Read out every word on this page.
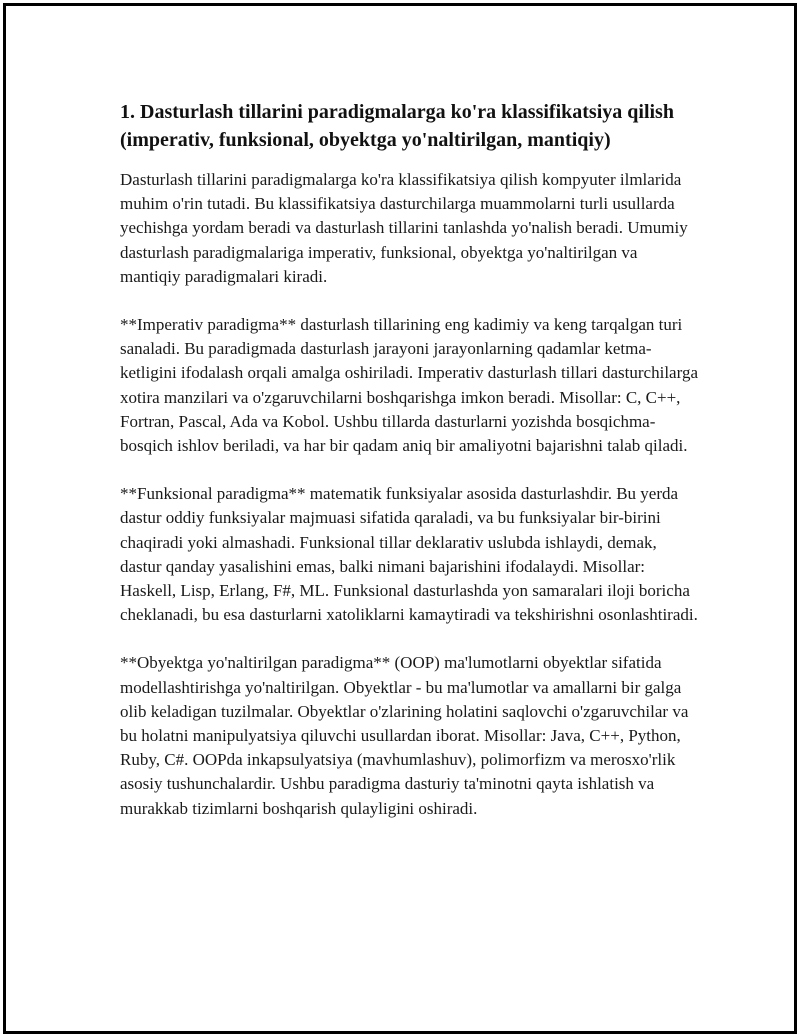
1. Dasturlash tillarini paradigmalarga ko'ra klassifikatsiya qilish (imperativ, funksional, obyektga yo'naltirilgan, mantiqiy)

Dasturlash tillarini paradigmalarga ko'ra klassifikatsiya qilish kompyuter ilmlarida muhim o'rin tutadi. Bu klassifikatsiya dasturchilarga muammolarni turli usullarda yechishga yordam beradi va dasturlash tillarini tanlashda yo'nalish beradi. Umumiy dasturlash paradigmalariga imperativ, funksional, obyektga yo'naltirilgan va mantiqiy paradigmalari kiradi.

**Imperativ paradigma** dasturlash tillarining eng kadimiy va keng tarqalgan turi sanaladi. Bu paradigmada dasturlash jarayoni jarayonlarning qadamlar ketma-ketligini ifodalash orqali amalga oshiriladi. Imperativ dasturlash tillari dasturchilarga xotira manzilari va o'zgaruvchilarni boshqarishga imkon beradi. Misollar: C, C++, Fortran, Pascal, Ada va Kobol. Ushbu tillarda dasturlarni yozishda bosqichma-bosqich ishlov beriladi, va har bir qadam aniq bir amaliyotni bajarishni talab qiladi.

**Funksional paradigma** matematik funksiyalar asosida dasturlashdir. Bu yerda dastur oddiy funksiyalar majmuasi sifatida qaraladi, va bu funksiyalar bir-birini chaqiradi yoki almashadi. Funksional tillar deklarativ uslubda ishlaydi, demak, dastur qanday yasalishini emas, balki nimani bajarishini ifodalaydi. Misollar: Haskell, Lisp, Erlang, F#, ML. Funksional dasturlashda yon samaralari iloji boricha cheklanadi, bu esa dasturlarni xatoliklarni kamaytiradi va tekshirishni osonlashtiradi.

**Obyektga yo'naltirilgan paradigma** (OOP) ma'lumotlarni obyektlar sifatida modellashtirishga yo'naltirilgan. Obyektlar - bu ma'lumotlar va amallarni bir galga olib keladigan tuzilmalar. Obyektlar o'zlarining holatini saqlovchi o'zgaruvchilar va bu holatni manipulyatsiya qiluvchi usullardan iborat. Misollar: Java, C++, Python, Ruby, C#. OOPda inkapsulyatsiya (mavhumlashuv), polimorfizm va merosxo'rlik asosiy tushunchalardir. Ushbu paradigma dasturiy ta'minotni qayta ishlatish va murakkab tizimlarni boshqarish qulayligini oshiradi.
